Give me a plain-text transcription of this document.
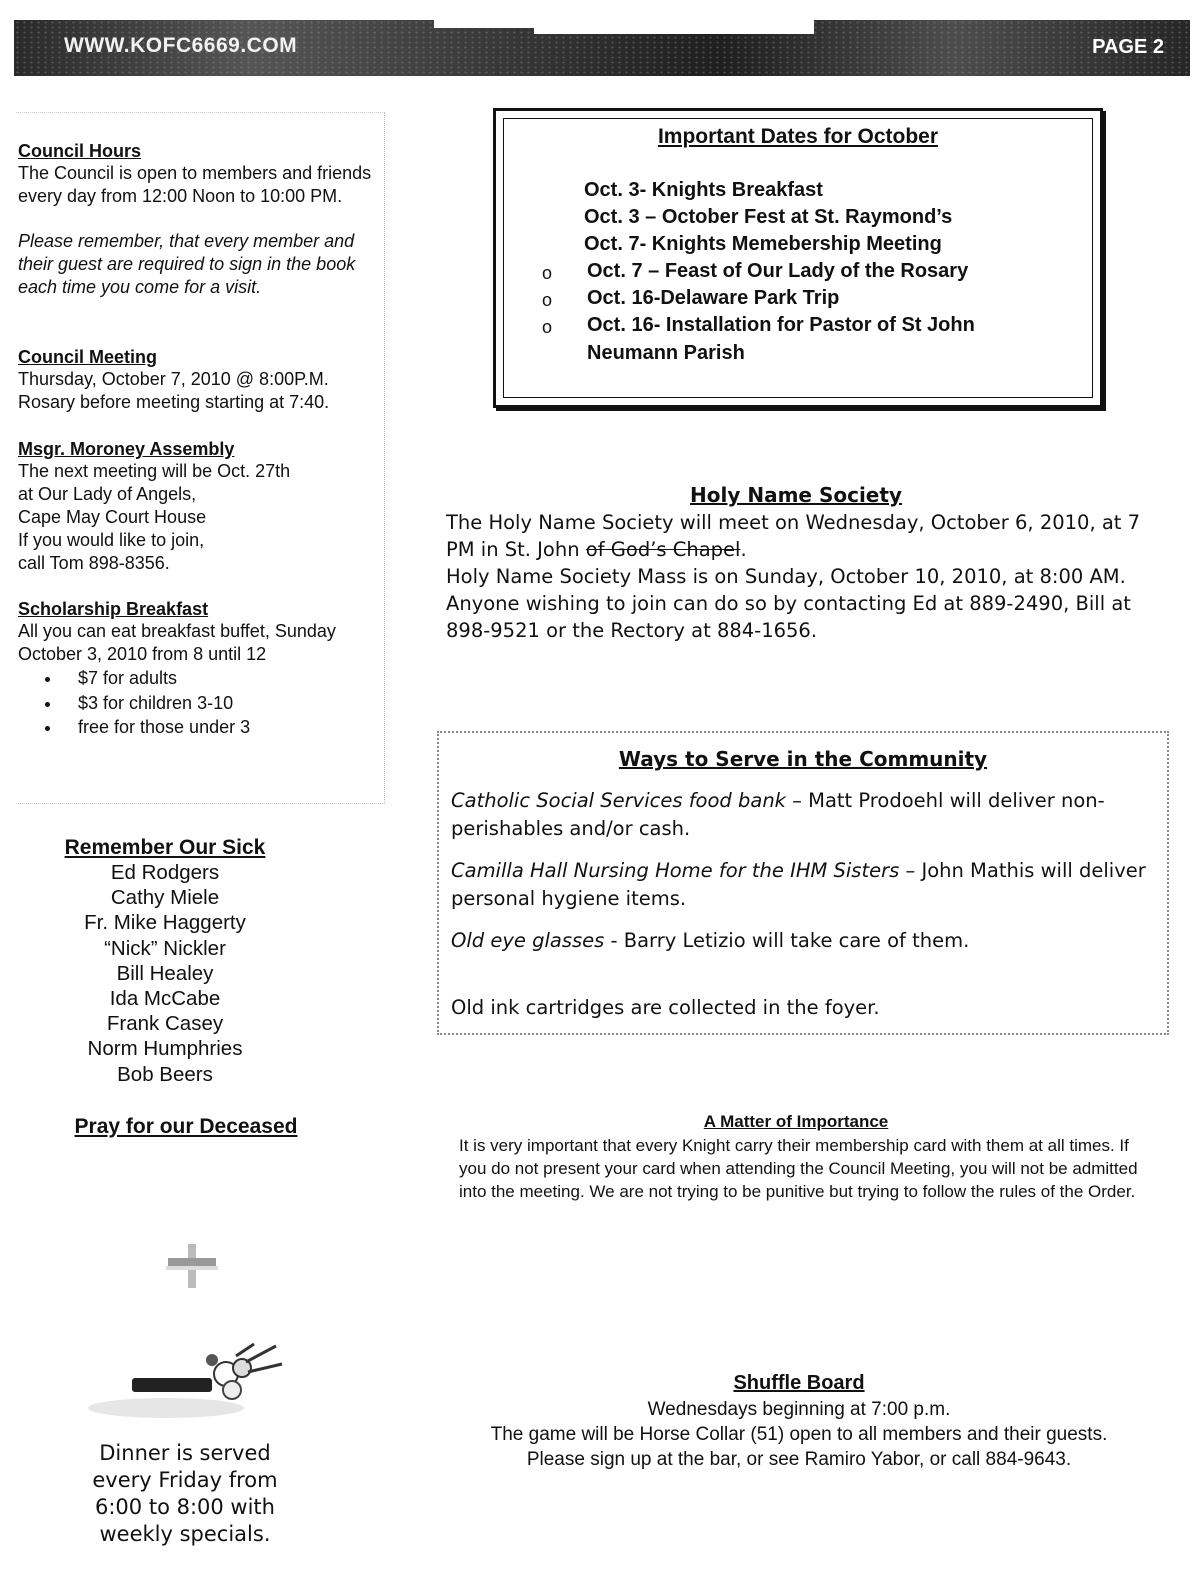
WWW.KOFC6669.COM	PAGE 2

Council Hours

The Council is open to members and friends every day from 12:00 Noon to 10:00 PM.

Please remember, that every member and their guest are required to sign in the book each time you come for a visit.

Council Meeting

Thursday, October 7, 2010 @ 8:00P.M.

Rosary before meeting starting at 7:40.

Msgr. Moroney Assembly

The next meeting will be Oct. 27th

at Our Lady of Angels,

Cape May Court House

If you would like to join,

call Tom 898-8356.

Scholarship Breakfast

All you can eat breakfast buffet, Sunday October 3, 2010 from 8 until 12

• $7 for adults
• $3 for children 3-10
• free for those under 3

Remember Our Sick

Ed Rodgers
Cathy Miele
Fr. Mike Haggerty
“Nick” Nickler
Bill Healey
Ida McCabe
Frank Casey
Norm Humphries
Bob Beers

Pray for our Deceased

Dinner is served
every Friday from
6:00 to 8:00 with
weekly specials.
Important Dates for October
Oct. 3- Knights Breakfast
Oct. 3 – October Fest at St. Raymond’s
Oct. 7- Knights Memebership Meeting
o Oct. 7 – Feast of Our Lady of the Rosary
o Oct. 16-Delaware Park Trip
o Oct. 16- Installation for Pastor of St John
Neumann Parish
Holy Name Society
The Holy Name Society will meet on Wednesday, October 6, 2010, at 7 PM in St. John of God’s Chapel.
Holy Name Society Mass is on Sunday, October 10, 2010, at 8:00 AM. Anyone wishing to join can do so by contacting Ed at 889-2490, Bill at 898-9521 or the Rectory at 884-1656.
Ways to Serve in the Community
Catholic Social Services food bank – Matt Prodoehl will deliver non-perishables and/or cash.
Camilla Hall Nursing Home for the IHM Sisters – John Mathis will deliver personal hygiene items.
Old eye glasses - Barry Letizio will take care of them.
Old ink cartridges are collected in the foyer.
A Matter of Importance
It is very important that every Knight carry their membership card with them at all times. If you do not present your card when attending the Council Meeting, you will not be admitted into the meeting. We are not trying to be punitive but trying to follow the rules of the Order.
Shuffle Board
Wednesdays beginning at 7:00 p.m.
The game will be Horse Collar (51) open to all members and their guests. Please sign up at the bar, or see Ramiro Yabor, or call 884-9643.
